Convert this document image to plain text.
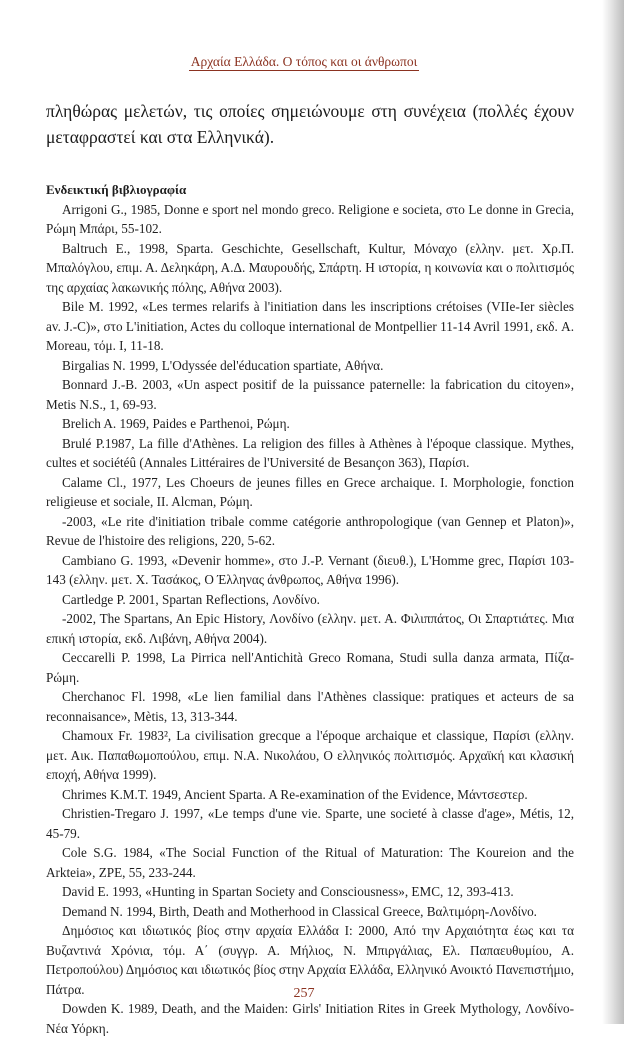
Αρχαία Ελλάδα. Ο τόπος και οι άνθρωποι

πληθώρας μελετών, τις οποίες σημειώνουμε στη συνέχεια (πολλές έχουν μεταφραστεί και στα Ελληνικά).

Ενδεικτική βιβλιογραφία

Arrigoni G., 1985, Donne e sport nel mondo greco. Religione e societa, στο Le donne in Grecia, Ρώμη Μπάρι, 55-102.

Baltruch E., 1998, Sparta. Geschichte, Gesellschaft, Kultur, Μόναχο (ελλην. μετ. Χρ.Π. Μπαλόγλου, επιμ. Α. Δεληκάρη, Α.Δ. Μαυρουδής, Σπάρτη. Η ιστορία, η κοινωνία και ο πολιτισμός της αρχαίας λακωνικής πόλης, Αθήνα 2003).

Bile M. 1992, «Les termes relarifs à l'initiation dans les inscriptions crétoises (VIIe-Ier siècles av. J.-C)», στο L'initiation, Actes du colloque international de Montpellier 11-14 Avril 1991, εκδ. A. Moreau, τόμ. I, 11-18.

Birgalias N. 1999, L'Odyssée del'éducation spartiate, Αθήνα.

Bonnard J.-B. 2003, «Un aspect positif de la puissance paternelle: la fabrication du citoyen», Metis N.S., 1, 69-93.

Brelich A. 1969, Paides e Parthenoi, Ρώμη.

Brulé P.1987, La fille d'Athènes. La religion des filles à Athènes à l'époque classique. Mythes, cultes et sociétéû (Annales Littéraires de l'Université de Besançon 363), Παρίσι.

Calame Cl., 1977, Les Choeurs de jeunes filles en Grece archaique. I. Morphologie, fonction religieuse et sociale, II. Alcman, Ρώμη.

-2003, «Le rite d'initiation tribale comme catégorie anthropologique (van Gennep et Platon)», Revue de l'histoire des religions, 220, 5-62.

Cambiano G. 1993, «Devenir homme», στο J.-P. Vernant (διευθ.), L'Homme grec, Παρίσι 103-143 (ελλην. μετ. Χ. Τασάκος, Ο Έλληνας άνθρωπος, Αθήνα 1996).

Cartledge P. 2001, Spartan Reflections, Λονδίνο.

-2002, The Spartans, An Epic History, Λονδίνο (ελλην. μετ. Α. Φιλιππάτος, Οι Σπαρτιάτες. Μια επική ιστορία, εκδ. Λιβάνη, Αθήνα 2004).

Ceccarelli P. 1998, La Pirrica nell'Antichità Greco Romana, Studi sulla danza armata, Πίζα-Ρώμη.

Cherchanoc Fl. 1998, «Le lien familial dans l'Athènes classique: pratiques et acteurs de sa reconnaisance», Mètis, 13, 313-344.

Chamoux Fr. 1983², La civilisation grecque a l'époque archaique et classique, Παρίσι (ελλην. μετ. Αικ. Παπαθωμοπούλου, επιμ. Ν.Α. Νικολάου, Ο ελληνικός πολιτισμός. Αρχαϊκή και κλασική εποχή, Αθήνα 1999).

Chrimes K.M.T. 1949, Ancient Sparta. A Re-examination of the Evidence, Μάντσεστερ.

Christien-Tregaro J. 1997, «Le temps d'une vie. Sparte, une societé à classe d'age», Métis, 12, 45-79.

Cole S.G. 1984, «The Social Function of the Ritual of Maturation: The Koureion and the Arkteia», ZPE, 55, 233-244.

David E. 1993, «Hunting in Spartan Society and Consciousness», EMC, 12, 393-413.

Demand N. 1994, Birth, Death and Motherhood in Classical Greece, Βαλτιμόρη-Λονδίνο.

Δημόσιος και ιδιωτικός βίος στην αρχαία Ελλάδα Ι: 2000, Από την Αρχαιότητα έως και τα Βυζαντινά Χρόνια, τόμ. Α΄ (συγγρ. Α. Μήλιος, Ν. Μπιργάλιας, Ελ. Παπαευθυμίου, Α. Πετροπούλου) Δημόσιος και ιδιωτικός βίος στην Αρχαία Ελλάδα, Ελληνικό Ανοικτό Πανεπιστήμιο, Πάτρα.

Dowden K. 1989, Death, and the Maiden: Girls' Initiation Rites in Greek Mythology, Λονδίνο- Νέα Υόρκη.

257
